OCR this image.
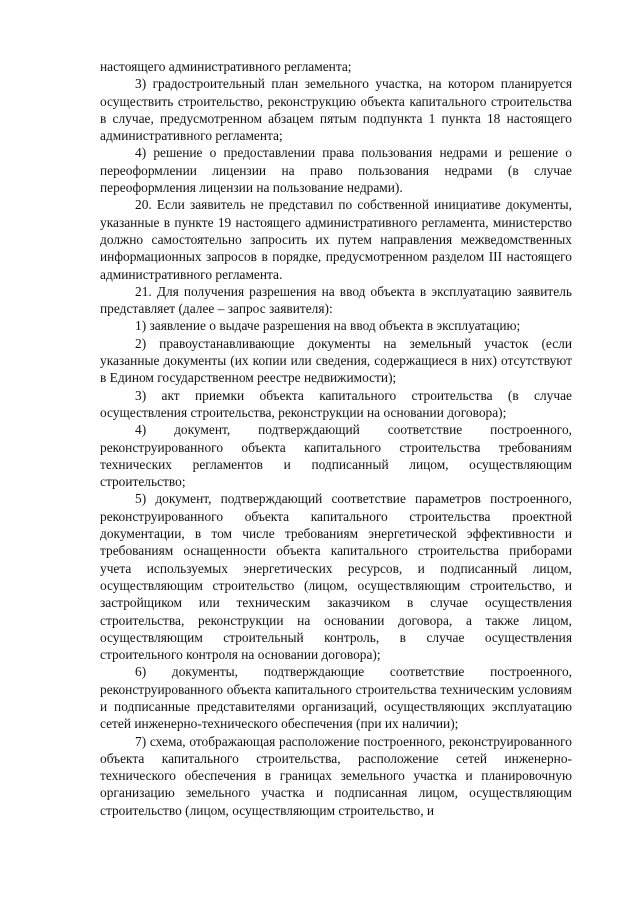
настоящего административного регламента;

3) градостроительный план земельного участка, на котором планируется осуществить строительство, реконструкцию объекта капитального строительства в случае, предусмотренном абзацем пятым подпункта 1 пункта 18 настоящего административного регламента;

4) решение о предоставлении права пользования недрами и решение о переоформлении лицензии на право пользования недрами (в случае переоформления лицензии на пользование недрами).

20. Если заявитель не представил по собственной инициативе документы, указанные в пункте 19 настоящего административного регламента, министерство должно самостоятельно запросить их путем направления межведомственных информационных запросов в порядке, предусмотренном разделом III настоящего административного регламента.

21. Для получения разрешения на ввод объекта в эксплуатацию заявитель представляет (далее – запрос заявителя):

1) заявление о выдаче разрешения на ввод объекта в эксплуатацию;

2) правоустанавливающие документы на земельный участок (если указанные документы (их копии или сведения, содержащиеся в них) отсутствуют в Едином государственном реестре недвижимости);

3) акт приемки объекта капитального строительства (в случае осуществления строительства, реконструкции на основании договора);

4) документ, подтверждающий соответствие построенного, реконструированного объекта капитального строительства требованиям технических регламентов и подписанный лицом, осуществляющим строительство;

5) документ, подтверждающий соответствие параметров построенного, реконструированного объекта капитального строительства проектной документации, в том числе требованиям энергетической эффективности и требованиям оснащенности объекта капитального строительства приборами учета используемых энергетических ресурсов, и подписанный лицом, осуществляющим строительство (лицом, осуществляющим строительство, и застройщиком или техническим заказчиком в случае осуществления строительства, реконструкции на основании договора, а также лицом, осуществляющим строительный контроль, в случае осуществления строительного контроля на основании договора);

6) документы, подтверждающие соответствие построенного, реконструированного объекта капитального строительства техническим условиям и подписанные представителями организаций, осуществляющих эксплуатацию сетей инженерно-технического обеспечения (при их наличии);

7) схема, отображающая расположение построенного, реконструированного объекта капитального строительства, расположение сетей инженерно-технического обеспечения в границах земельного участка и планировочную организацию земельного участка и подписанная лицом, осуществляющим строительство (лицом, осуществляющим строительство, и
